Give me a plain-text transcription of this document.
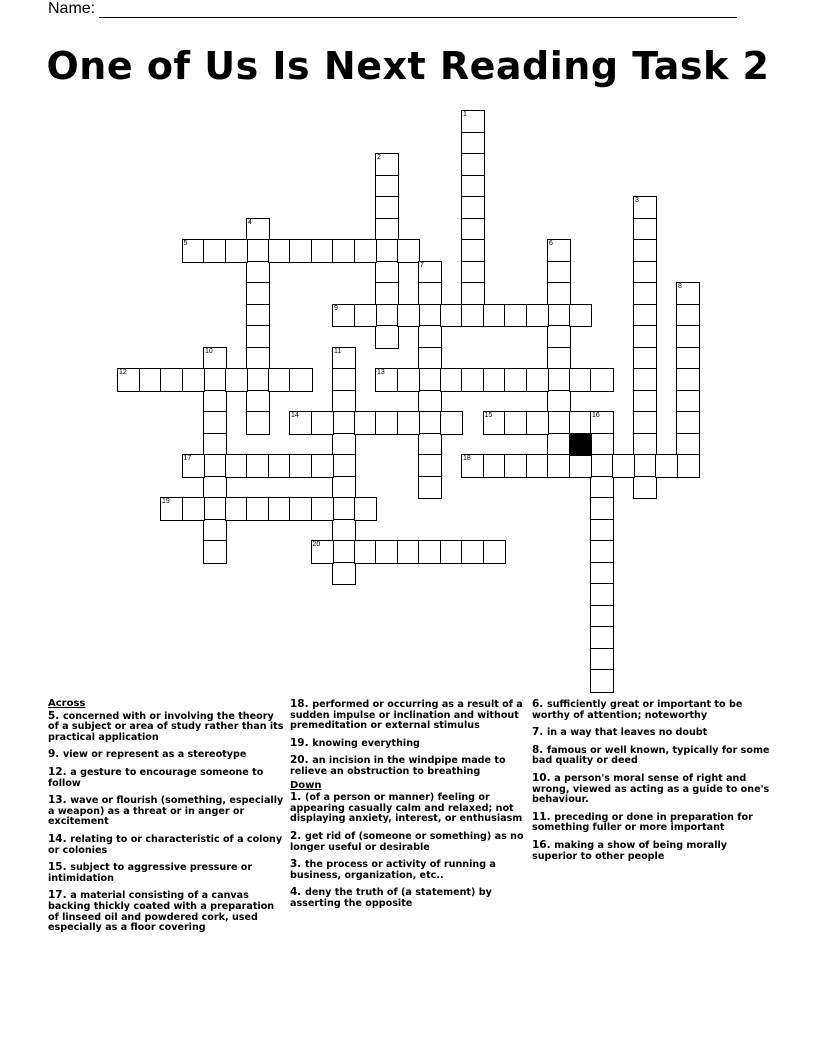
Name:
One of Us Is Next Reading Task 2
1
2
3
4
5	6
7
8
9
10	11
12	13
14	15	16
17	18
19
20
Across
5. concerned with or involving the theory of a subject or area of study rather than its practical application
9. view or represent as a stereotype
12. a gesture to encourage someone to follow
13. wave or flourish (something, especially a weapon) as a threat or in anger or excitement
14. relating to or characteristic of a colony or colonies
15. subject to aggressive pressure or intimidation
17. a material consisting of a canvas backing thickly coated with a preparation of linseed oil and powdered cork, used especially as a floor covering
18. performed or occurring as a result of a sudden impulse or inclination and without premeditation or external stimulus
19. knowing everything
20. an incision in the windpipe made to relieve an obstruction to breathing
Down
1. (of a person or manner) feeling or appearing casually calm and relaxed; not displaying anxiety, interest, or enthusiasm
2. get rid of (someone or something) as no longer useful or desirable
3. the process or activity of running a business, organization, etc..
4. deny the truth of (a statement) by asserting the opposite
6. sufficiently great or important to be worthy of attention; noteworthy
7. in a way that leaves no doubt
8. famous or well known, typically for some bad quality or deed
10. a person's moral sense of right and wrong, viewed as acting as a guide to one's behaviour.
11. preceding or done in preparation for something fuller or more important
16. making a show of being morally superior to other people
